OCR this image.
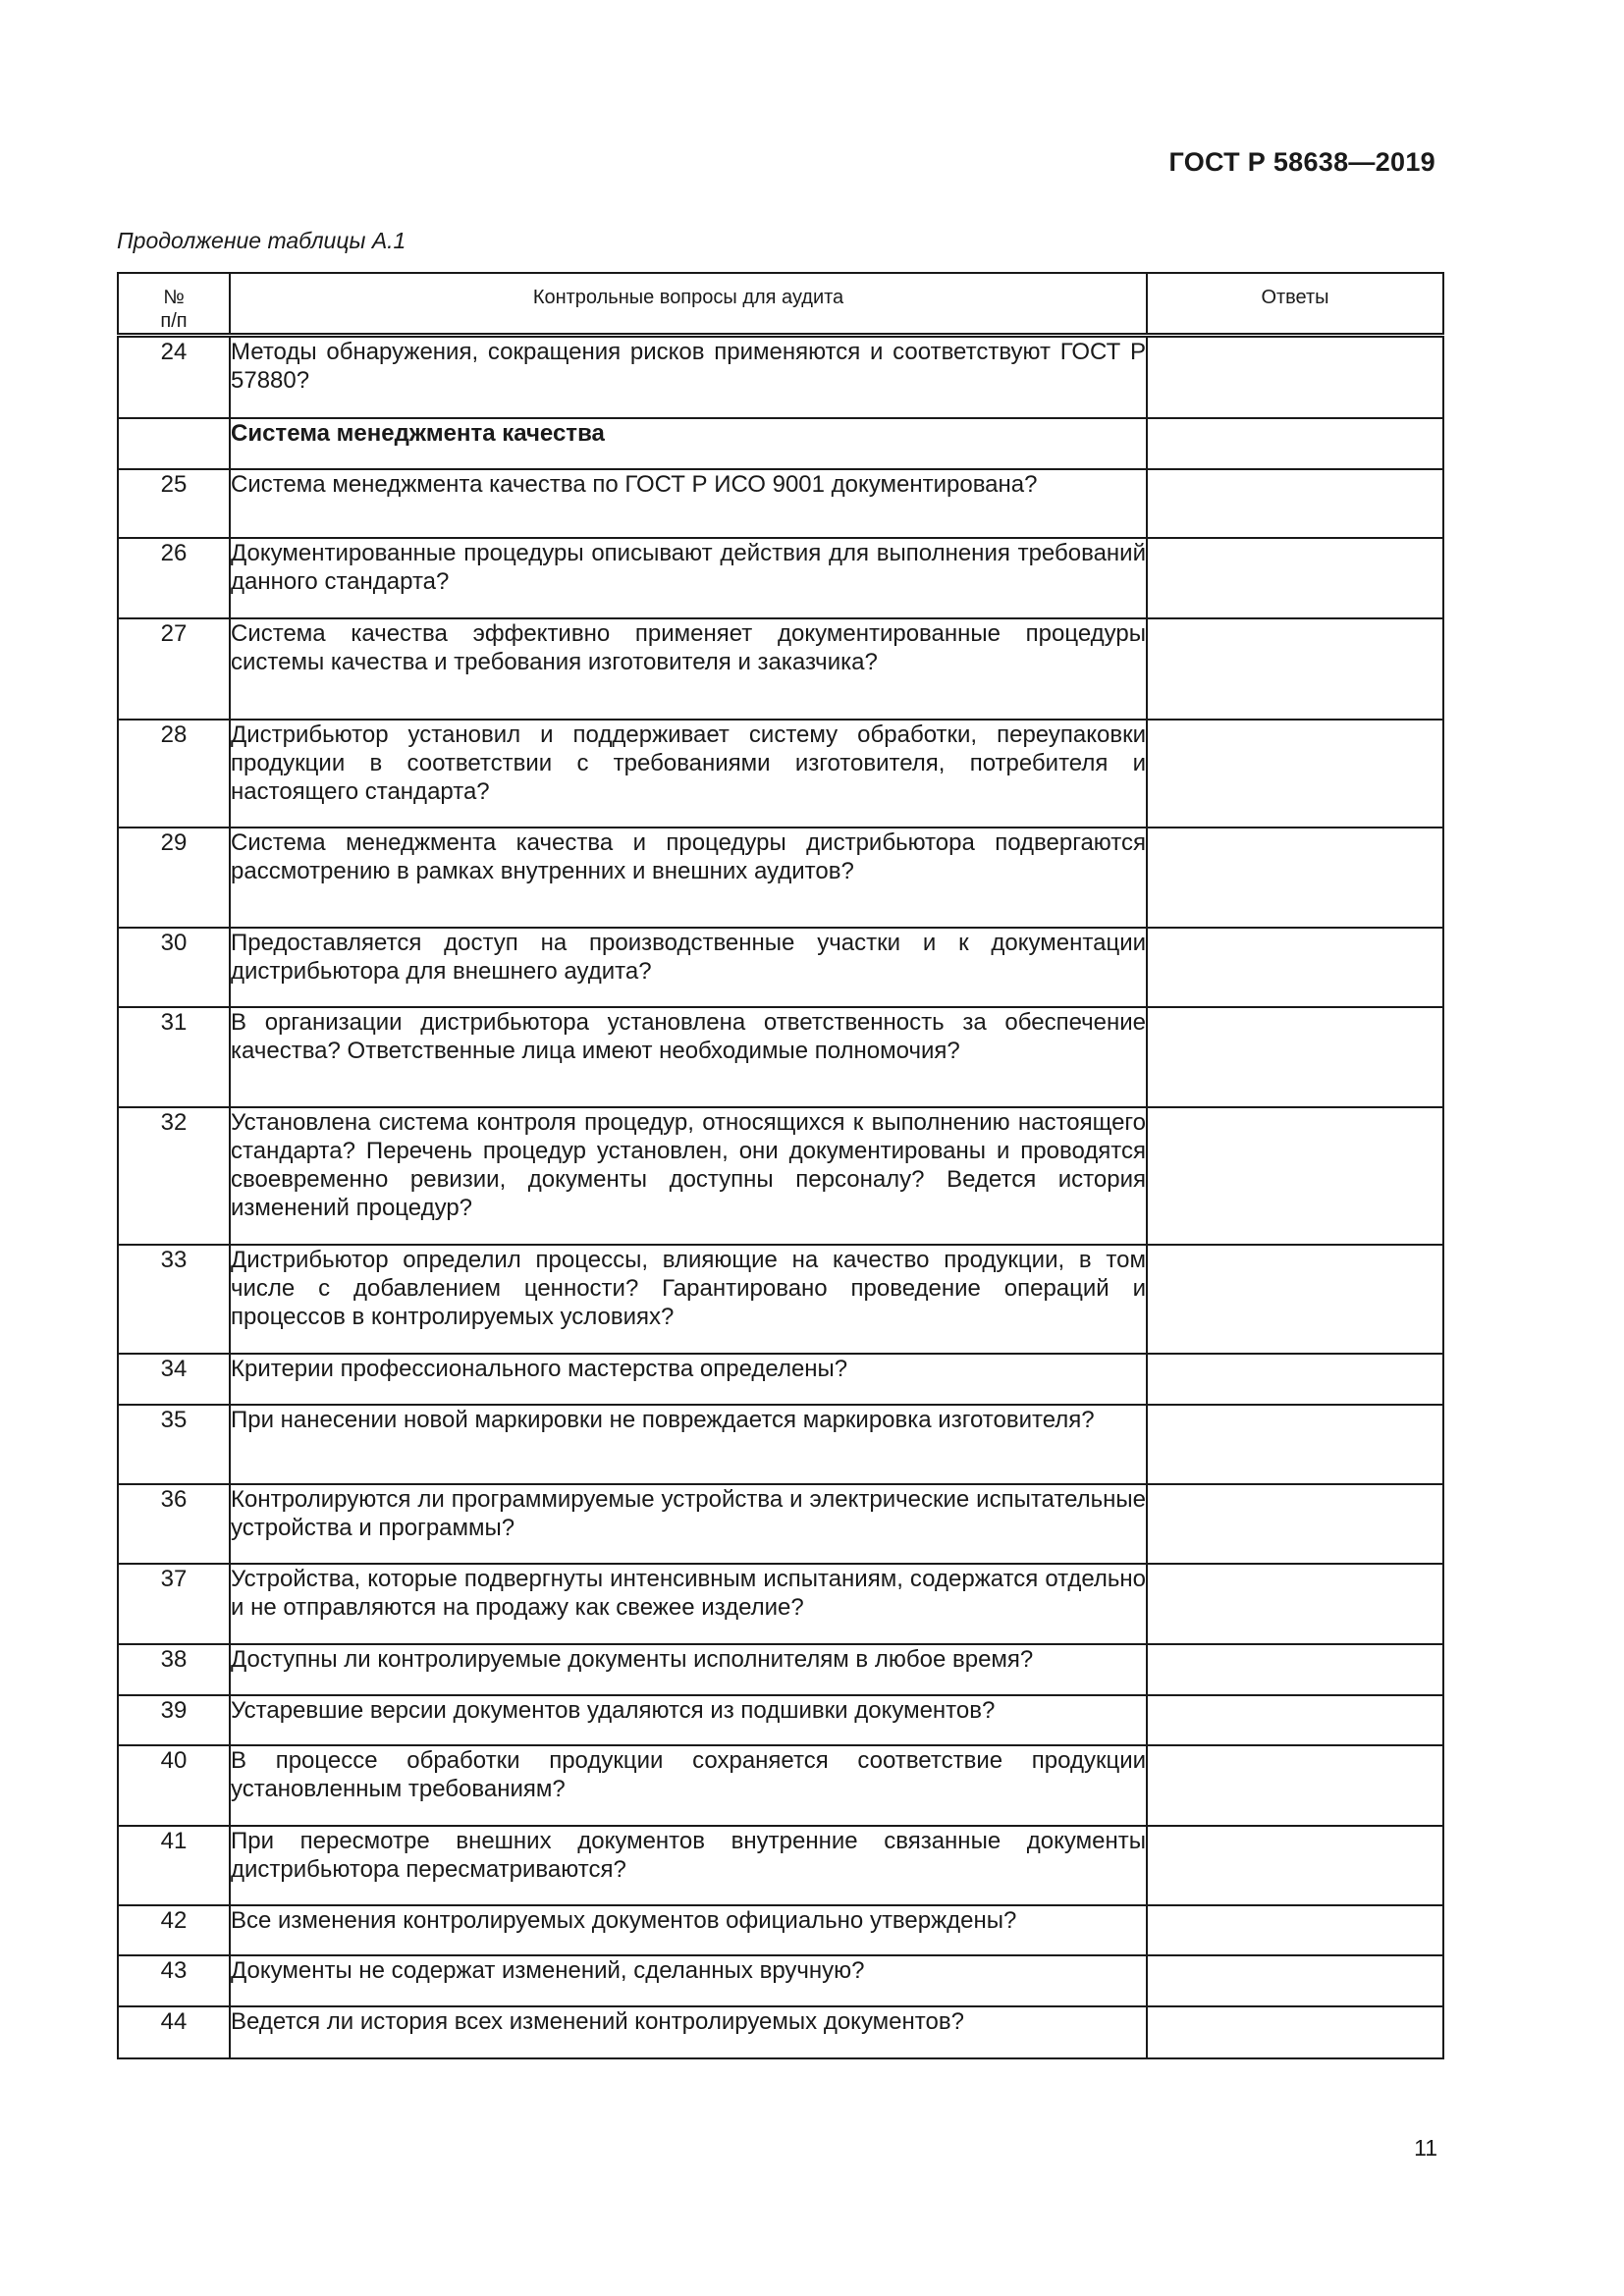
ГОСТ Р 58638—2019
Продолжение таблицы А.1
№
п/п	Контрольные вопросы для аудита	Ответы
24	Методы обнаружения, сокращения рисков применяются и соответствуют ГОСТ Р 57880?	
	Система менеджмента качества	
25	Система менеджмента качества по ГОСТ Р ИСО 9001 документирована?	
26	Документированные процедуры описывают действия для выполнения требований данного стандарта?	
27	Система качества эффективно применяет документированные процедуры системы качества и требования изготовителя и заказчика?	
28	Дистрибьютор установил и поддерживает систему обработки, переупаковки продукции в соответствии с требованиями изготовителя, потребителя и настоящего стандарта?	
29	Система менеджмента качества и процедуры дистрибьютора подвергаются рассмотрению в рамках внутренних и внешних аудитов?	
30	Предоставляется доступ на производственные участки и к документации дистрибьютора для внешнего аудита?	
31	В организации дистрибьютора установлена ответственность за обеспечение качества? Ответственные лица имеют необходимые полномочия?	
32	Установлена система контроля процедур, относящихся к выполнению настоящего стандарта? Перечень процедур установлен, они документированы и проводятся своевременно ревизии, документы доступны персоналу? Ведется история изменений процедур?	
33	Дистрибьютор определил процессы, влияющие на качество продукции, в том числе с добавлением ценности? Гарантировано проведение операций и процессов в контролируемых условиях?	
34	Критерии профессионального мастерства определены?	
35	При нанесении новой маркировки не повреждается маркировка изготовителя?	
36	Контролируются ли программируемые устройства и электрические испытательные устройства и программы?	
37	Устройства, которые подвергнуты интенсивным испытаниям, содержатся отдельно и не отправляются на продажу как свежее изделие?	
38	Доступны ли контролируемые документы исполнителям в любое время?	
39	Устаревшие версии документов удаляются из подшивки документов?	
40	В процессе обработки продукции сохраняется соответствие продукции установленным требованиям?	
41	При пересмотре внешних документов внутренние связанные документы дистрибьютора пересматриваются?	
42	Все изменения контролируемых документов официально утверждены?	
43	Документы не содержат изменений, сделанных вручную?	
44	Ведется ли история всех изменений контролируемых документов?	
11
